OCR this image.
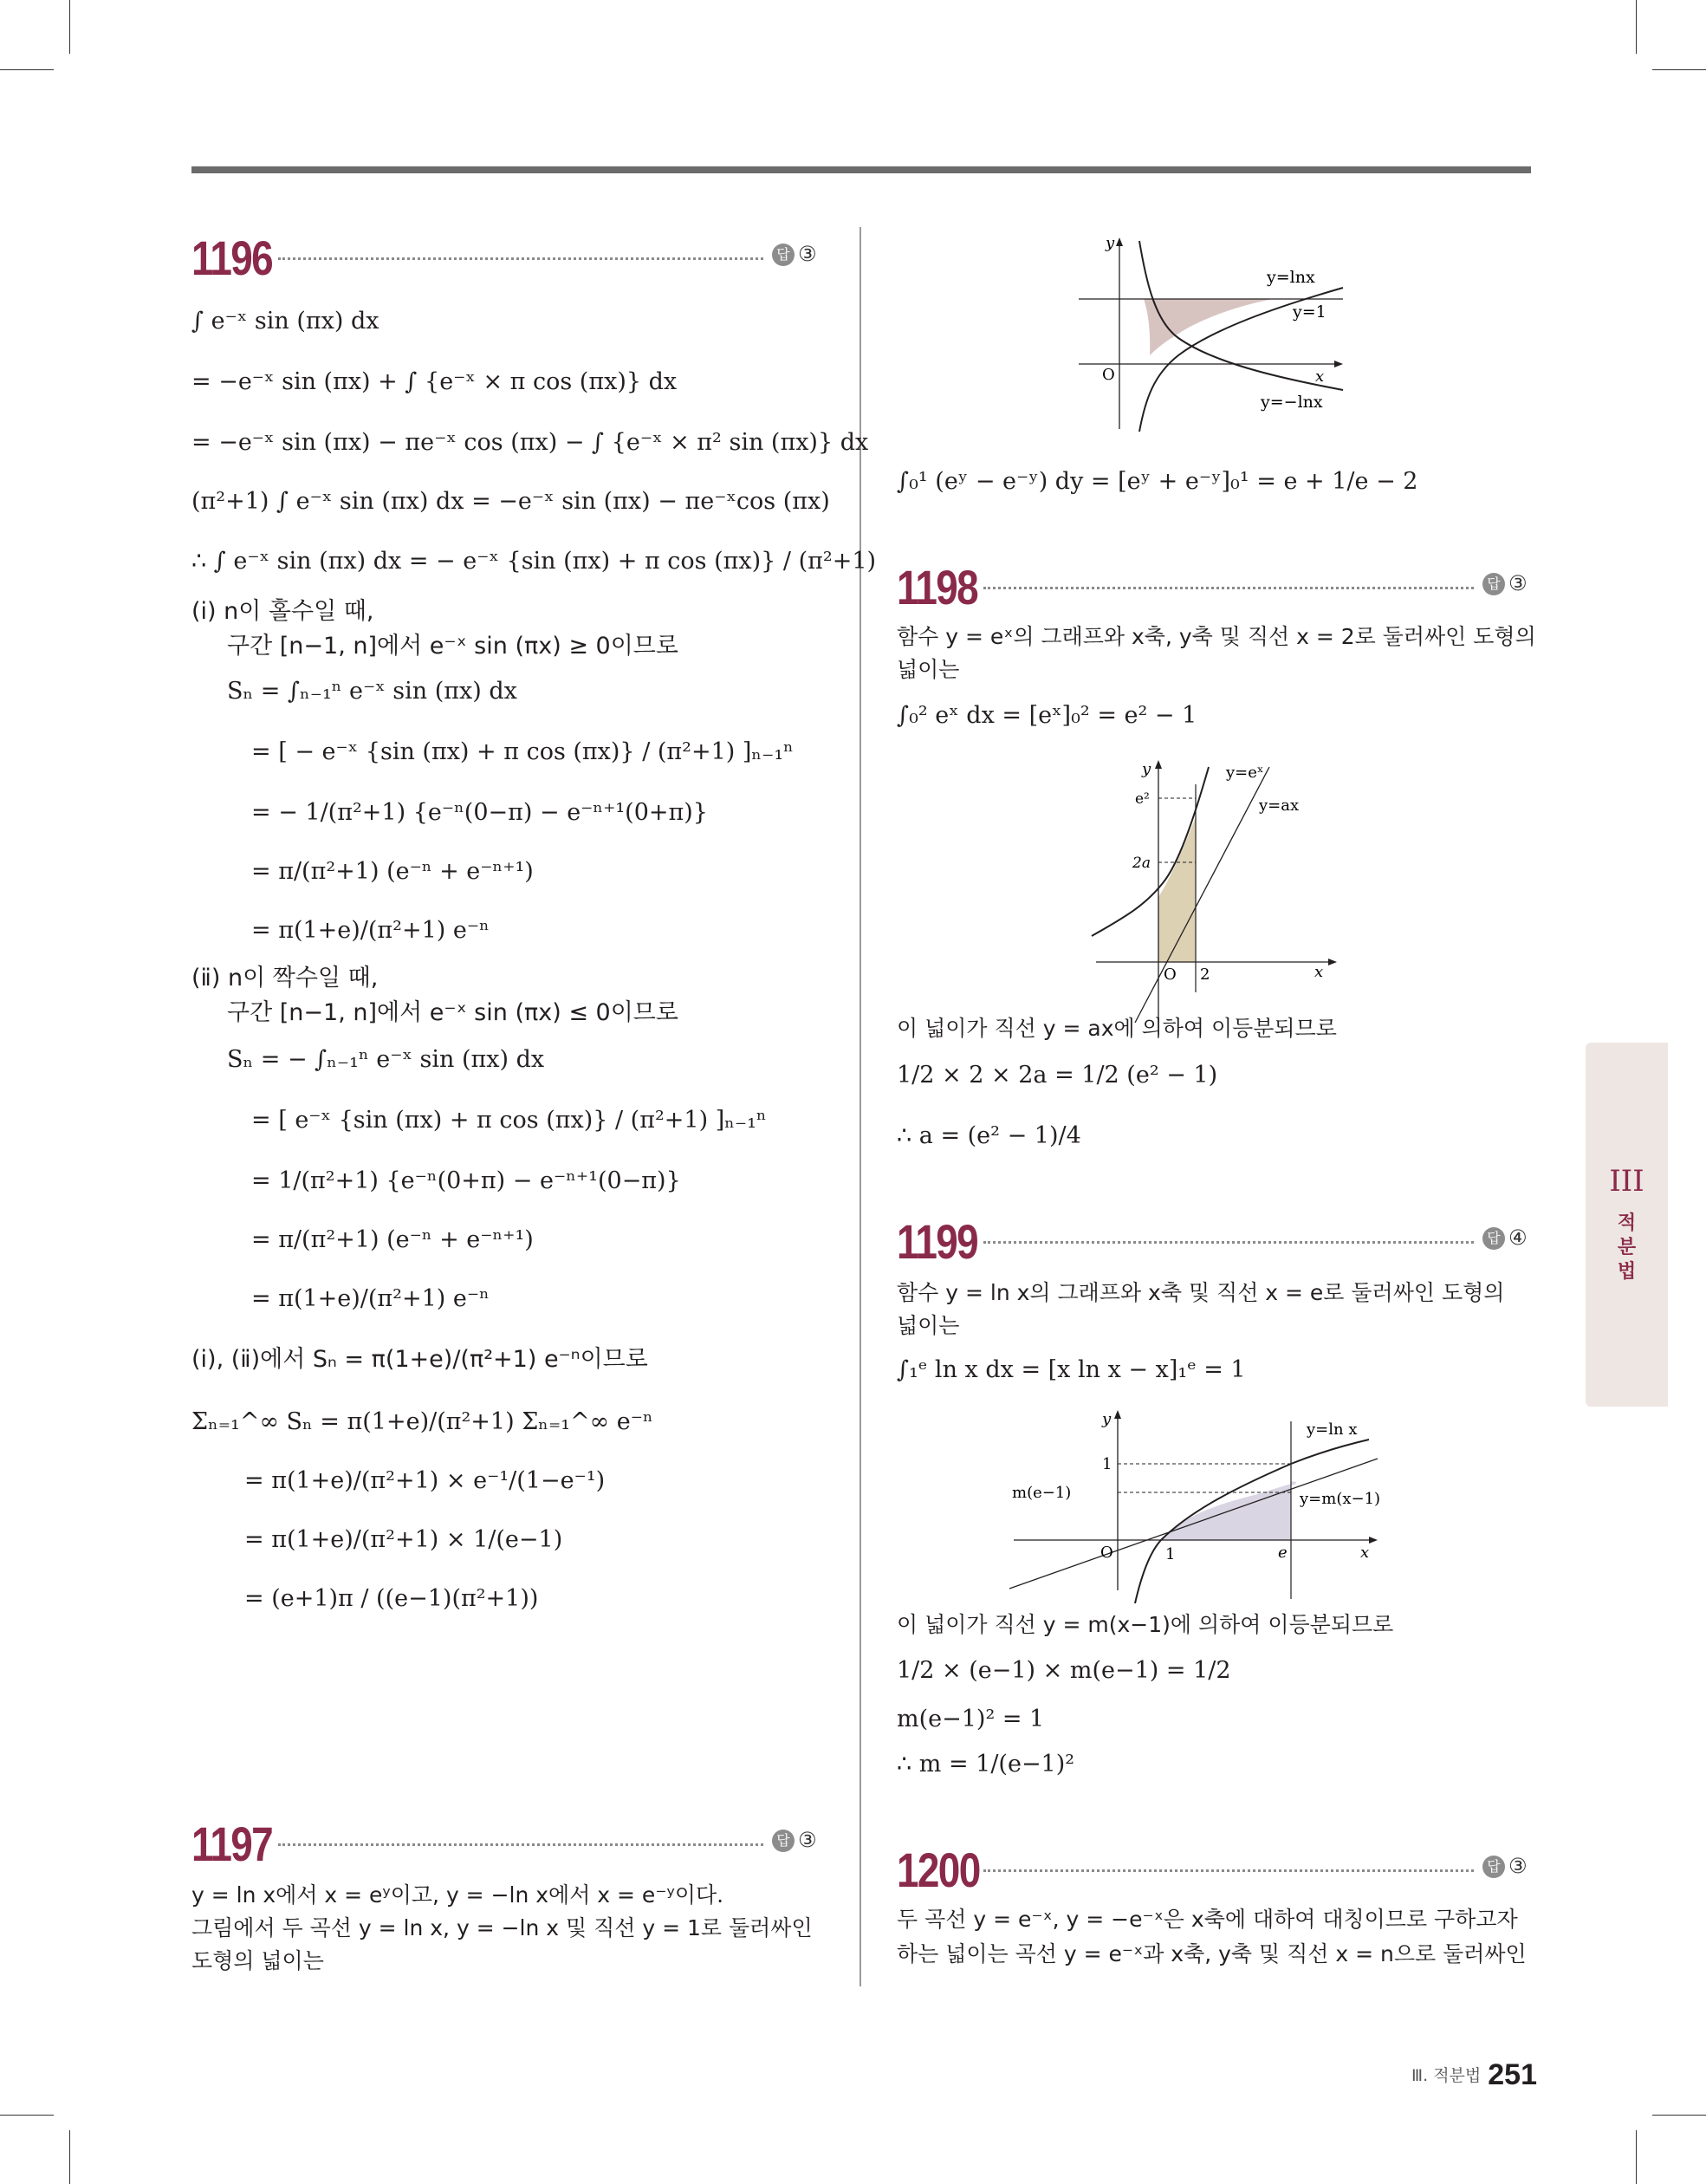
1196	답 ③
∫ e⁻ˣ sin (πx) dx
= −e⁻ˣ sin (πx) + ∫ {e⁻ˣ × π cos (πx)} dx
= −e⁻ˣ sin (πx) − πe⁻ˣ cos (πx) − ∫ {e⁻ˣ × π² sin (πx)} dx
(π²+1) ∫ e⁻ˣ sin (πx) dx = −e⁻ˣ sin (πx) − πe⁻ˣcos (πx)
∴ ∫ e⁻ˣ sin (πx) dx = − e⁻ˣ {sin (πx) + π cos (πx)} / (π²+1)
(ⅰ) n이 홀수일 때,
구간 [n−1, n]에서 e⁻ˣ sin (πx) ≥ 0이므로
Sₙ = ∫ₙ₋₁ⁿ e⁻ˣ sin (πx) dx
= [ − e⁻ˣ {sin (πx) + π cos (πx)} / (π²+1) ]ₙ₋₁ⁿ
= − 1/(π²+1) {e⁻ⁿ(0−π) − e⁻ⁿ⁺¹(0+π)}
= π/(π²+1) (e⁻ⁿ + e⁻ⁿ⁺¹)
= π(1+e)/(π²+1) e⁻ⁿ
(ⅱ) n이 짝수일 때,
구간 [n−1, n]에서 e⁻ˣ sin (πx) ≤ 0이므로
Sₙ = − ∫ₙ₋₁ⁿ e⁻ˣ sin (πx) dx
= [ e⁻ˣ {sin (πx) + π cos (πx)} / (π²+1) ]ₙ₋₁ⁿ
= 1/(π²+1) {e⁻ⁿ(0+π) − e⁻ⁿ⁺¹(0−π)}
= π/(π²+1) (e⁻ⁿ + e⁻ⁿ⁺¹)
= π(1+e)/(π²+1) e⁻ⁿ
(ⅰ), (ⅱ)에서 Sₙ = π(1+e)/(π²+1) e⁻ⁿ이므로
Σₙ₌₁^∞ Sₙ = π(1+e)/(π²+1) Σₙ₌₁^∞ e⁻ⁿ
= π(1+e)/(π²+1) × e⁻¹/(1−e⁻¹)
= π(1+e)/(π²+1) × 1/(e−1)
= (e+1)π / ((e−1)(π²+1))
1197	답 ③
y = ln x에서 x = eʸ이고, y = −ln x에서 x = e⁻ʸ이다.
그림에서 두 곡선 y = ln x, y = −ln x 및 직선 y = 1로 둘러싸인
도형의 넓이는
y
x
O
y=lnx
y=1
y=−lnx
∫₀¹ (eʸ − e⁻ʸ) dy = [eʸ + e⁻ʸ]₀¹ = e + 1/e − 2
1198	답 ③
함수 y = eˣ의 그래프와 x축, y축 및 직선 x = 2로 둘러싸인 도형의
넓이는
∫₀² eˣ dx = [eˣ]₀² = e² − 1
y
x
O 2
e²
2a
y=eˣ
y=ax
이 넓이가 직선 y = ax에 의하여 이등분되므로
1/2 × 2 × 2a = 1/2 (e² − 1)
∴ a = (e² − 1)/4
III
적
분
법
1199	답 ④
함수 y = ln x의 그래프와 x축 및 직선 x = e로 둘러싸인 도형의
넓이는
∫₁ᵉ ln x dx = [x ln x − x]₁ᵉ = 1
y
x
O	1	e
1
m(e−1)
y=ln x
y=m(x−1)
이 넓이가 직선 y = m(x−1)에 의하여 이등분되므로
1/2 × (e−1) × m(e−1) = 1/2
m(e−1)² = 1
∴ m = 1/(e−1)²
1200	답 ③
두 곡선 y = e⁻ˣ, y = −e⁻ˣ은 x축에 대하여 대칭이므로 구하고자
하는 넓이는 곡선 y = e⁻ˣ과 x축, y축 및 직선 x = n으로 둘러싸인
Ⅲ. 적분법 251
